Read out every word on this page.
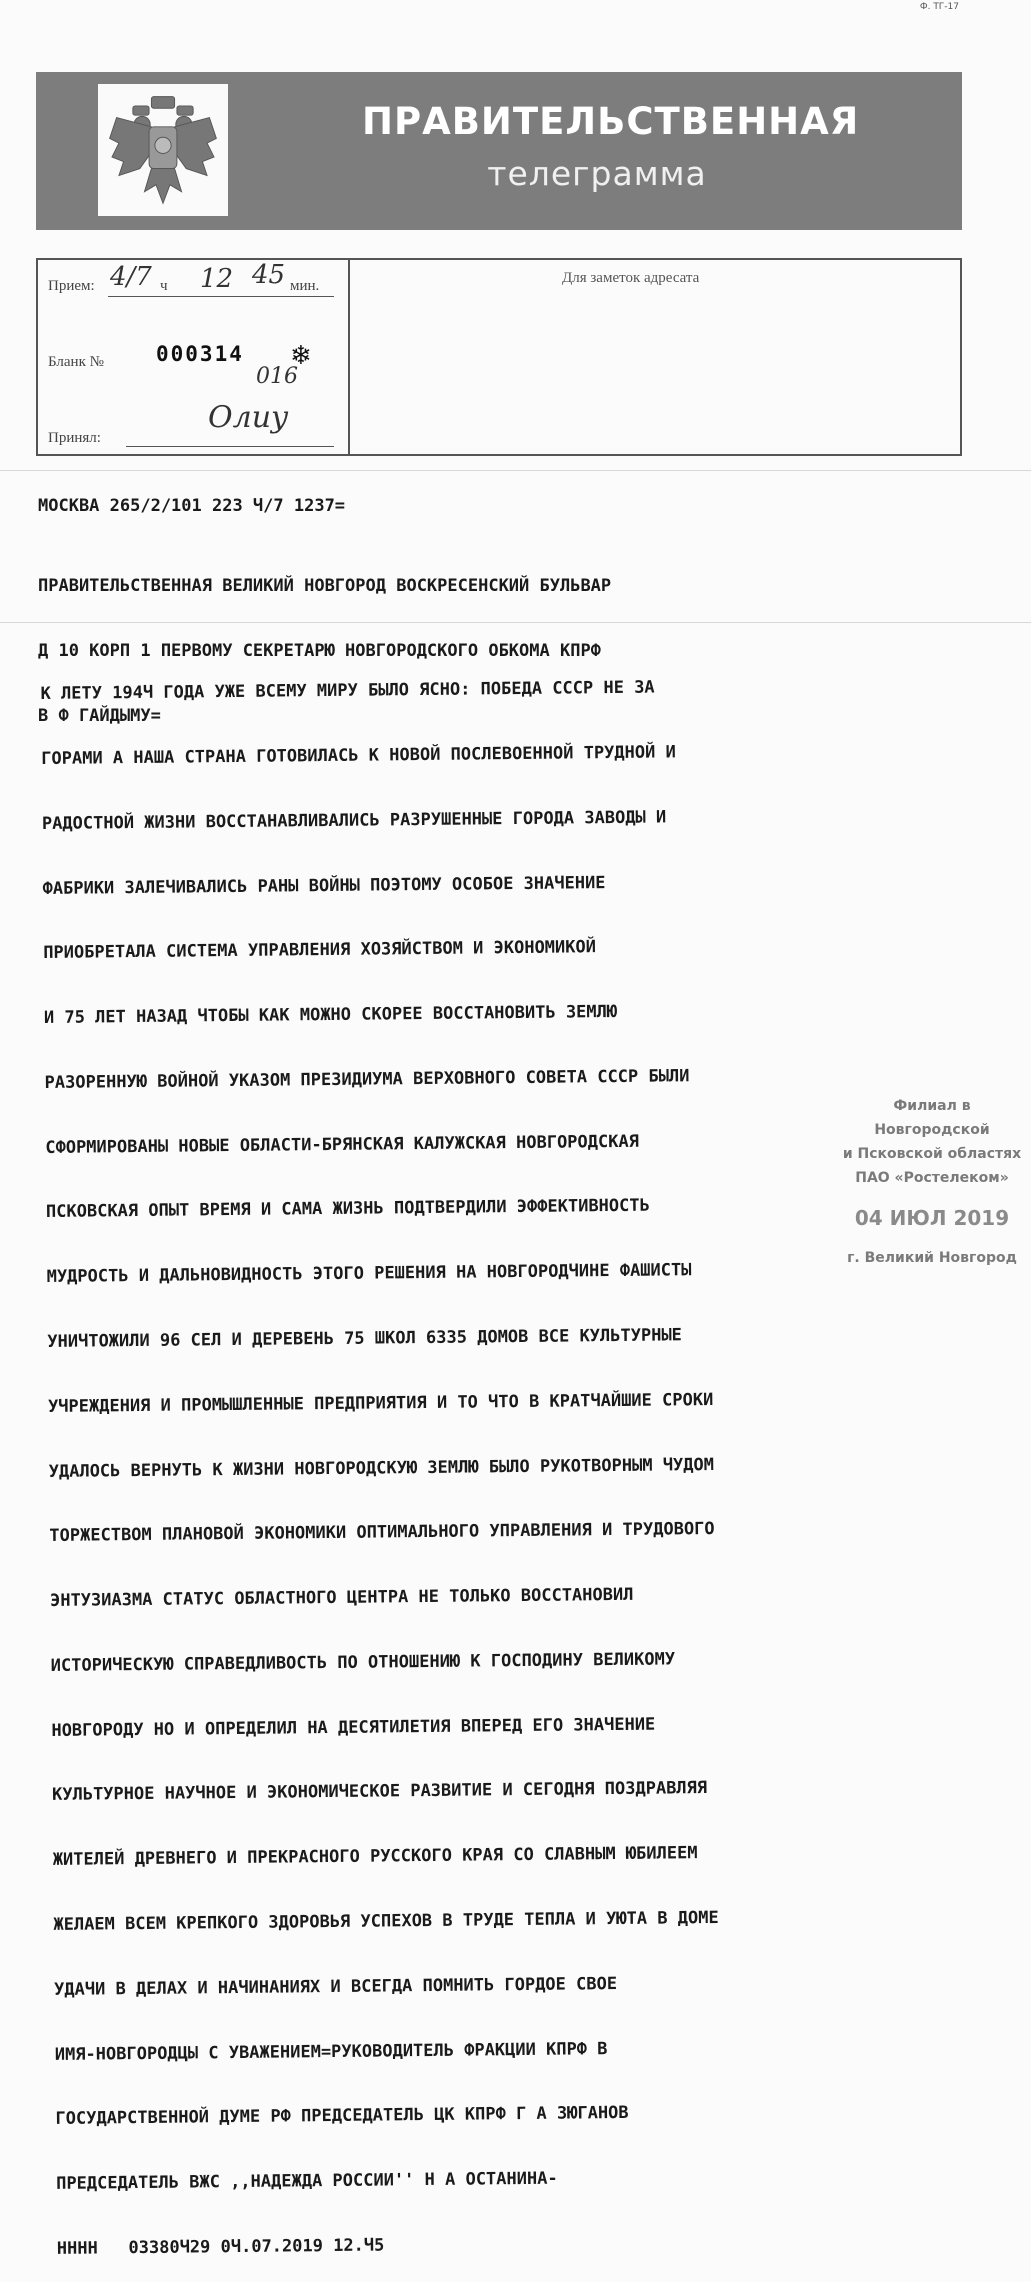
Ф. ТГ-17
ПРАВИТЕЛЬСТВЕННАЯ
телеграмма
Прием: 4/7 ч 12 45 мин.
Бланк № 000314 ❄
016
Олиу
Принял:
Для заметок адресата
МОСКВА 265/2/101 223 Ч/7 1237=

ПРАВИТЕЛЬСТВЕННАЯ ВЕЛИКИЙ НОВГОРОД ВОСКРЕСЕНСКИЙ БУЛЬВАР

Д 10 КОРП 1 ПЕРВОМУ СЕКРЕТАРЮ НОВГОРОДСКОГО ОБКОМА КПРФ

В Ф ГАЙДЫМУ=

К ЛЕТУ 194Ч ГОДА УЖЕ ВСЕМУ МИРУ БЫЛО ЯСНО: ПОБЕДА СССР НЕ ЗА

ГОРАМИ А НАША СТРАНА ГОТОВИЛАСЬ К НОВОЙ ПОСЛЕВОЕННОЙ ТРУДНОЙ И

РАДОСТНОЙ ЖИЗНИ ВОССТАНАВЛИВАЛИСЬ РАЗРУШЕННЫЕ ГОРОДА ЗАВОДЫ И

ФАБРИКИ ЗАЛЕЧИВАЛИСЬ РАНЫ ВОЙНЫ ПОЭТОМУ ОСОБОЕ ЗНАЧЕНИЕ

ПРИОБРЕТАЛА СИСТЕМА УПРАВЛЕНИЯ ХОЗЯЙСТВОМ И ЭКОНОМИКОЙ

И 75 ЛЕТ НАЗАД ЧТОБЫ КАК МОЖНО СКОРЕЕ ВОССТАНОВИТЬ ЗЕМЛЮ

РАЗОРЕННУЮ ВОЙНОЙ УКАЗОМ ПРЕЗИДИУМА ВЕРХОВНОГО СОВЕТА СССР БЫЛИ

СФОРМИРОВАНЫ НОВЫЕ ОБЛАСТИ-БРЯНСКАЯ КАЛУЖСКАЯ НОВГОРОДСКАЯ

ПСКОВСКАЯ ОПЫТ ВРЕМЯ И САМА ЖИЗНЬ ПОДТВЕРДИЛИ ЭФФЕКТИВНОСТЬ

МУДРОСТЬ И ДАЛЬНОВИДНОСТЬ ЭТОГО РЕШЕНИЯ НА НОВГОРОДЧИНЕ ФАШИСТЫ

УНИЧТОЖИЛИ 96 СЕЛ И ДЕРЕВЕНЬ 75 ШКОЛ 6335 ДОМОВ ВСЕ КУЛЬТУРНЫЕ

УЧРЕЖДЕНИЯ И ПРОМЫШЛЕННЫЕ ПРЕДПРИЯТИЯ И ТО ЧТО В КРАТЧАЙШИЕ СРОКИ

УДАЛОСЬ ВЕРНУТЬ К ЖИЗНИ НОВГОРОДСКУЮ ЗЕМЛЮ БЫЛО РУКОТВОРНЫМ ЧУДОМ

ТОРЖЕСТВОМ ПЛАНОВОЙ ЭКОНОМИКИ ОПТИМАЛЬНОГО УПРАВЛЕНИЯ И ТРУДОВОГО

ЭНТУЗИАЗМА СТАТУС ОБЛАСТНОГО ЦЕНТРА НЕ ТОЛЬКО ВОССТАНОВИЛ

ИСТОРИЧЕСКУЮ СПРАВЕДЛИВОСТЬ ПО ОТНОШЕНИЮ К ГОСПОДИНУ ВЕЛИКОМУ

НОВГОРОДУ НО И ОПРЕДЕЛИЛ НА ДЕСЯТИЛЕТИЯ ВПЕРЕД ЕГО ЗНАЧЕНИЕ

КУЛЬТУРНОЕ НАУЧНОЕ И ЭКОНОМИЧЕСКОЕ РАЗВИТИЕ И СЕГОДНЯ ПОЗДРАВЛЯЯ

ЖИТЕЛЕЙ ДРЕВНЕГО И ПРЕКРАСНОГО РУССКОГО КРАЯ СО СЛАВНЫМ ЮБИЛЕЕМ

ЖЕЛАЕМ ВСЕМ КРЕПКОГО ЗДОРОВЬЯ УСПЕХОВ В ТРУДЕ ТЕПЛА И УЮТА В ДОМЕ

УДАЧИ В ДЕЛАХ И НАЧИНАНИЯХ И ВСЕГДА ПОМНИТЬ ГОРДОЕ СВОЕ

ИМЯ-НОВГОРОДЦЫ С УВАЖЕНИЕМ=РУКОВОДИТЕЛЬ ФРАКЦИИ КПРФ В

ГОСУДАРСТВЕННОЙ ДУМЕ РФ ПРЕДСЕДАТЕЛЬ ЦК КПРФ Г А ЗЮГАНОВ

ПРЕДСЕДАТЕЛЬ ВЖС ,,НАДЕЖДА РОССИИ'' Н А ОСТАНИНА-

НННН   03380Ч29 0Ч.07.2019 12.Ч5

Филиал в Новгородской
и Псковской областях
ПАО «Ростелеком»
04 ИЮЛ 2019
г. Великий Новгород
